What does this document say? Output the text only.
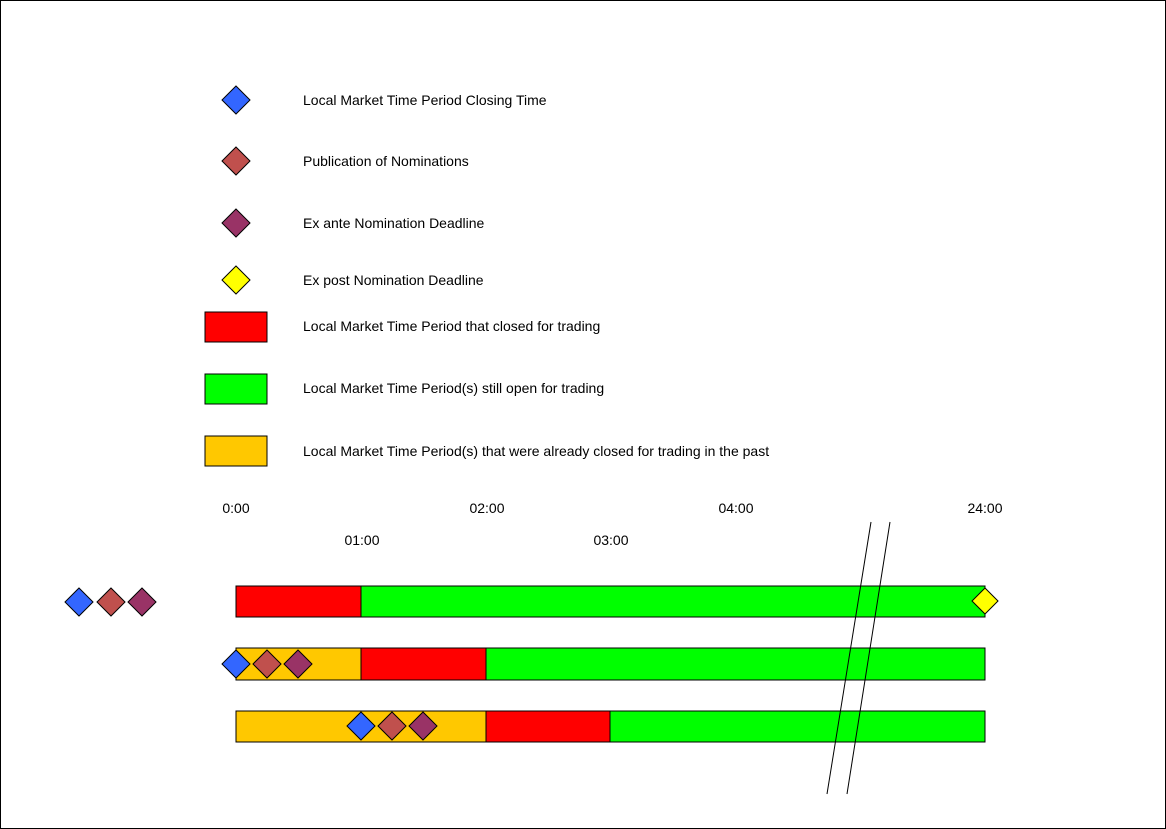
Local Market Time Period Closing Time
Publication of Nominations
Ex ante Nomination Deadline
Ex post Nomination Deadline
Local Market Time Period that closed for trading
Local Market Time Period(s) still open for trading
Local Market Time Period(s) that were already closed for trading in the past
0:00	02:00	04:00	24:00
01:00	03:00
